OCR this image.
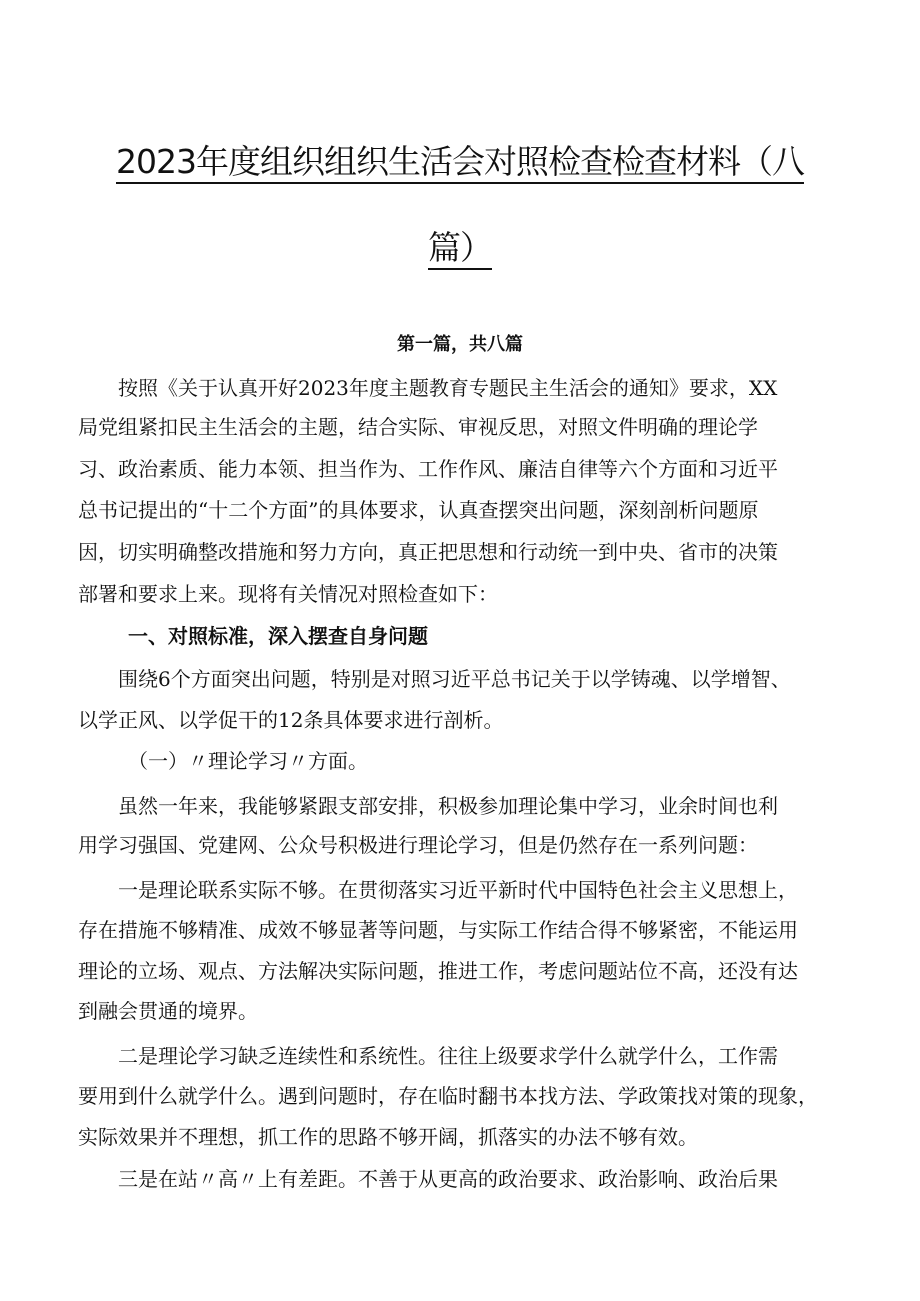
2023年度组织组织生活会对照检查检查材料（八
篇）

第一篇，共八篇

　　按照《关于认真开好2023年度主题教育专题民主生活会的通知》要求，XX

局党组紧扣民主生活会的主题，结合实际、审视反思，对照文件明确的理论学

习、政治素质、能力本领、担当作为、工作作风、廉洁自律等六个方面和习近平

总书记提出的“十二个方面”的具体要求，认真查摆突出问题，深刻剖析问题原

因，切实明确整改措施和努力方向，真正把思想和行动统一到中央、省市的决策

部署和要求上来。现将有关情况对照检查如下：

一、对照标准，深入摆查自身问题

　　围绕6个方面突出问题，特别是对照习近平总书记关于以学铸魂、以学增智、

以学正风、以学促干的12条具体要求进行剖析。

　　　（一）〃理论学习〃方面。

　　虽然一年来，我能够紧跟支部安排，积极参加理论集中学习，业余时间也利

用学习强国、党建网、公众号积极进行理论学习，但是仍然存在一系列问题：

　　一是理论联系实际不够。在贯彻落实习近平新时代中国特色社会主义思想上，

存在措施不够精准、成效不够显著等问题，与实际工作结合得不够紧密，不能运用

理论的立场、观点、方法解决实际问题，推进工作，考虑问题站位不高，还没有达

到融会贯通的境界。

　　二是理论学习缺乏连续性和系统性。往往上级要求学什么就学什么，工作需

要用到什么就学什么。遇到问题时，存在临时翻书本找方法、学政策找对策的现象，

实际效果并不理想，抓工作的思路不够开阔，抓落实的办法不够有效。

　　三是在站〃高〃上有差距。不善于从更高的政治要求、政治影响、政治后果
